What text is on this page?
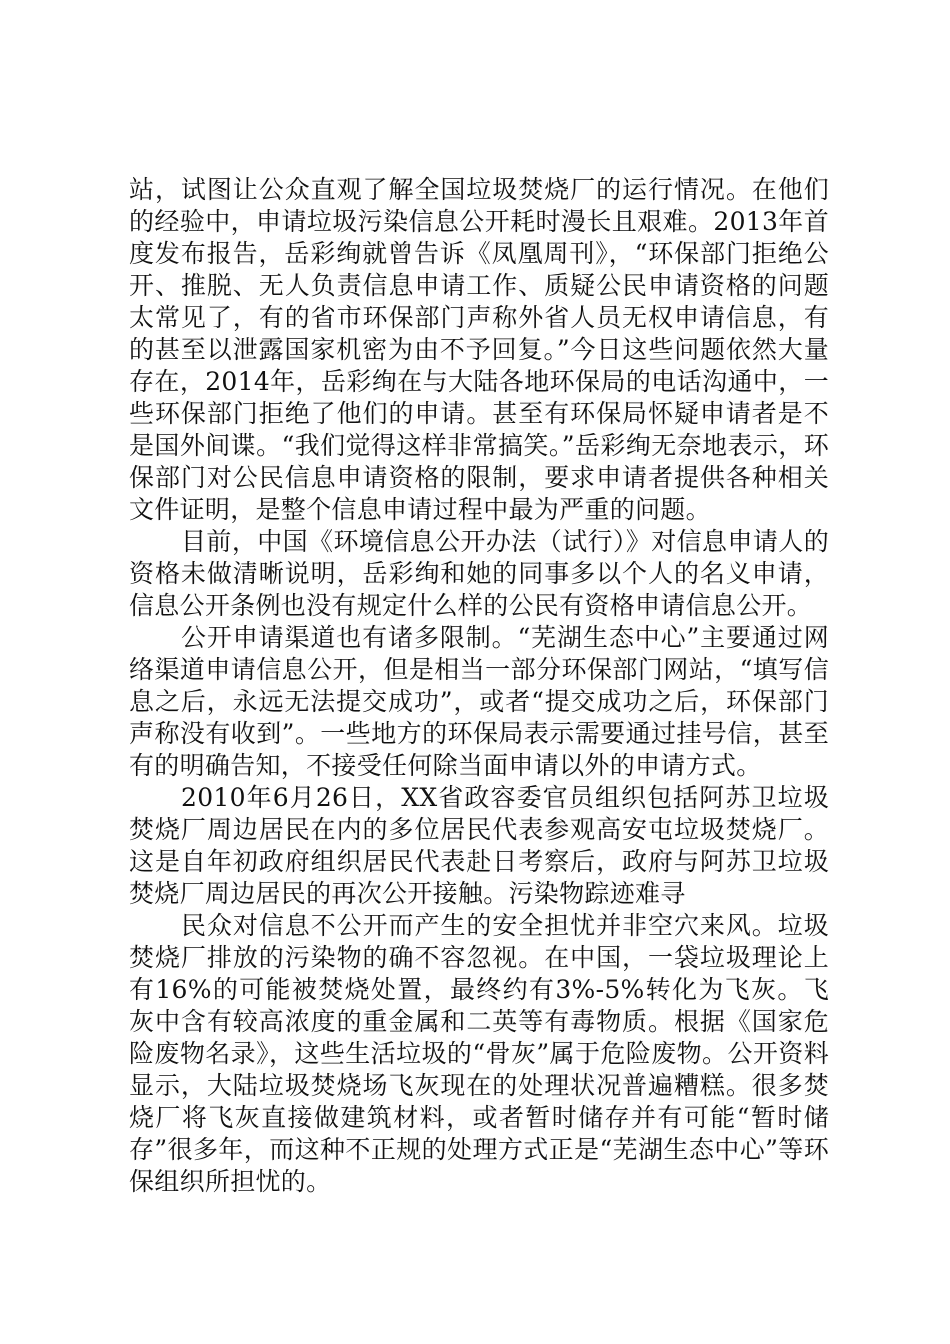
站，试图让公众直观了解全国垃圾焚烧厂的运行情况。在他们的经验中，申请垃圾污染信息公开耗时漫长且艰难。2013年首度发布报告，岳彩绚就曾告诉《凤凰周刊》，“环保部门拒绝公开、推脱、无人负责信息申请工作、质疑公民申请资格的问题太常见了，有的省市环保部门声称外省人员无权申请信息，有的甚至以泄露国家机密为由不予回复。”今日这些问题依然大量存在，2014年，岳彩绚在与大陆各地环保局的电话沟通中，一些环保部门拒绝了他们的申请。甚至有环保局怀疑申请者是不是国外间谍。“我们觉得这样非常搞笑。”岳彩绚无奈地表示，环保部门对公民信息申请资格的限制，要求申请者提供各种相关文件证明，是整个信息申请过程中最为严重的问题。

目前，中国《环境信息公开办法（试行）》对信息申请人的资格未做清晰说明，岳彩绚和她的同事多以个人的名义申请，信息公开条例也没有规定什么样的公民有资格申请信息公开。

公开申请渠道也有诸多限制。“芜湖生态中心”主要通过网络渠道申请信息公开，但是相当一部分环保部门网站，“填写信息之后，永远无法提交成功”，或者“提交成功之后，环保部门声称没有收到”。一些地方的环保局表示需要通过挂号信，甚至有的明确告知，不接受任何除当面申请以外的申请方式。

2010年6月26日，XX省政容委官员组织包括阿苏卫垃圾焚烧厂周边居民在内的多位居民代表参观高安屯垃圾焚烧厂。这是自年初政府组织居民代表赴日考察后，政府与阿苏卫垃圾焚烧厂周边居民的再次公开接触。污染物踪迹难寻

民众对信息不公开而产生的安全担忧并非空穴来风。垃圾焚烧厂排放的污染物的确不容忽视。在中国，一袋垃圾理论上有16%的可能被焚烧处置，最终约有3%-5%转化为飞灰。飞灰中含有较高浓度的重金属和二英等有毒物质。根据《国家危险废物名录》，这些生活垃圾的“骨灰”属于危险废物。公开资料显示，大陆垃圾焚烧场飞灰现在的处理状况普遍糟糕。很多焚烧厂将飞灰直接做建筑材料，或者暂时储存并有可能“暂时储存”很多年，而这种不正规的处理方式正是“芜湖生态中心”等环保组织所担忧的。
